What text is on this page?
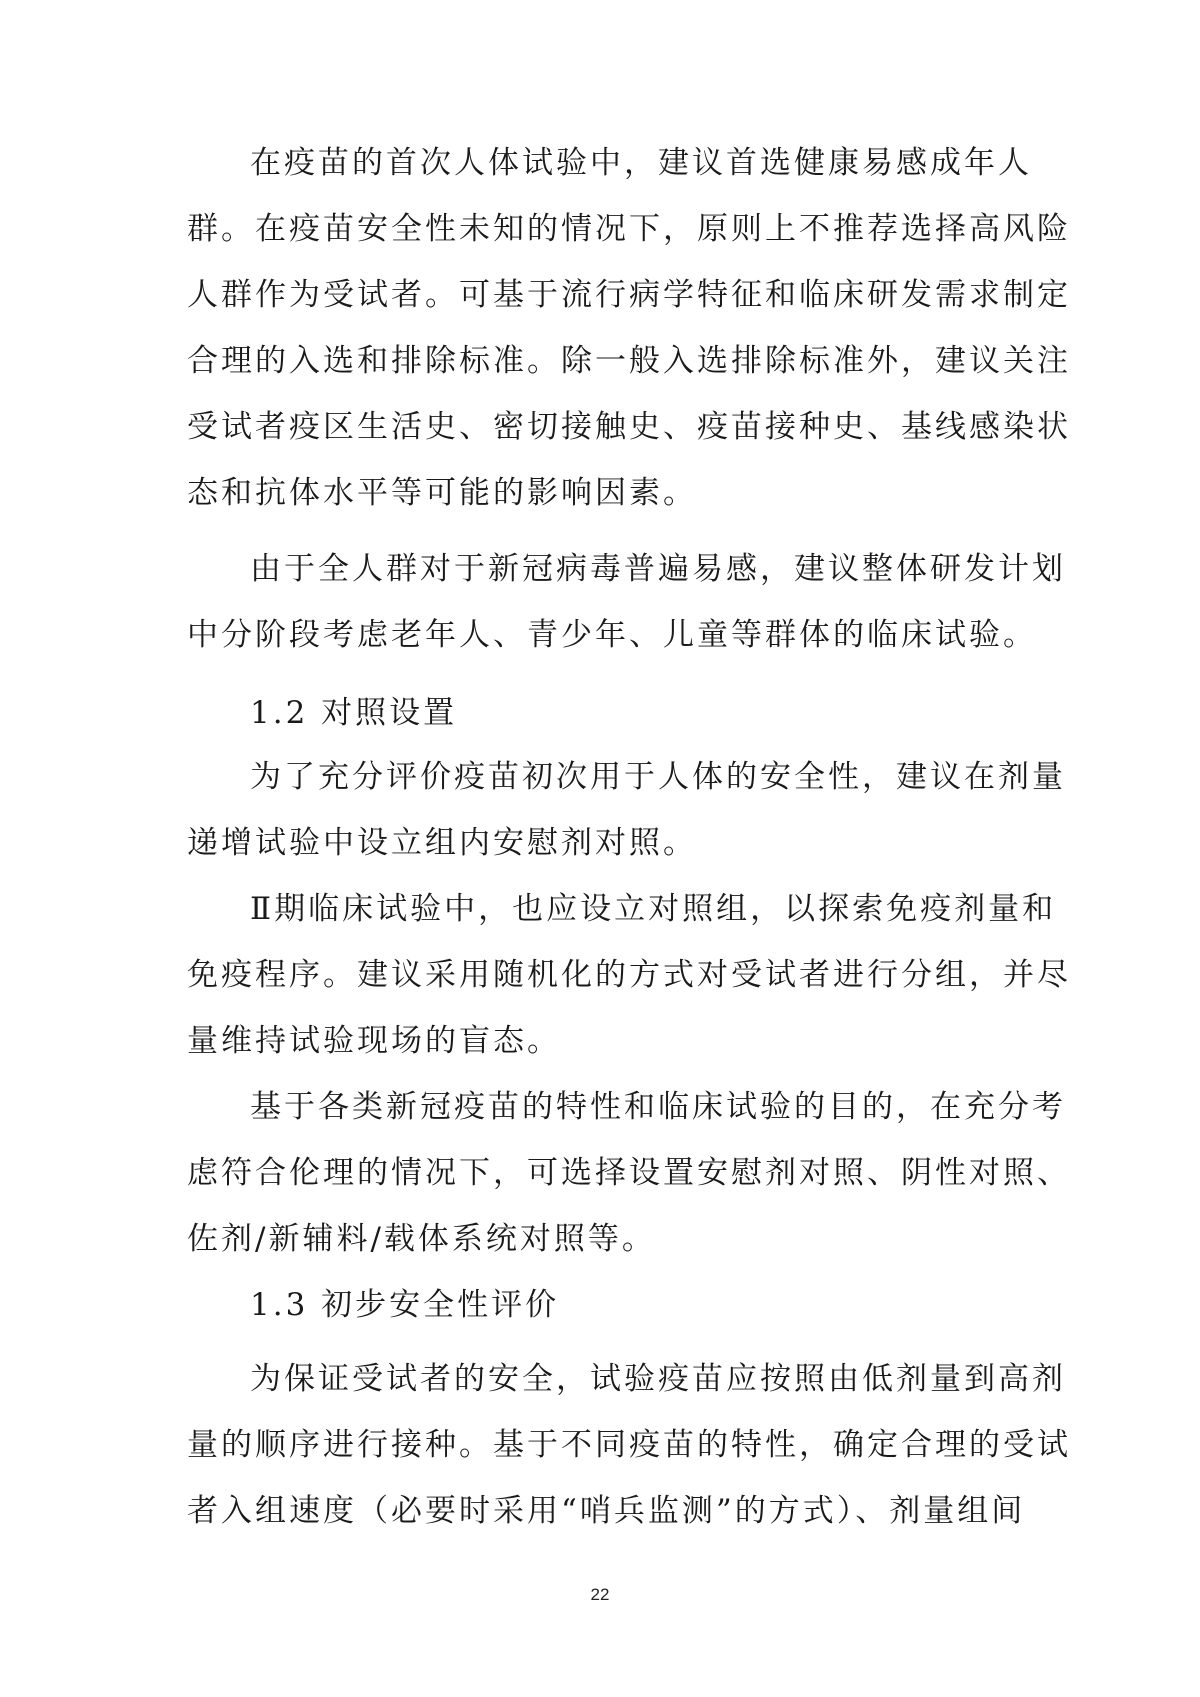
在疫苗的首次人体试验中，建议首选健康易感成年人
群。在疫苗安全性未知的情况下，原则上不推荐选择高风险
人群作为受试者。可基于流行病学特征和临床研发需求制定
合理的入选和排除标准。除一般入选排除标准外，建议关注
受试者疫区生活史、密切接触史、疫苗接种史、基线感染状
态和抗体水平等可能的影响因素。
由于全人群对于新冠病毒普遍易感，建议整体研发计划
中分阶段考虑老年人、青少年、儿童等群体的临床试验。
1.2 对照设置
为了充分评价疫苗初次用于人体的安全性，建议在剂量
递增试验中设立组内安慰剂对照。
Ⅱ期临床试验中，也应设立对照组，以探索免疫剂量和
免疫程序。建议采用随机化的方式对受试者进行分组，并尽
量维持试验现场的盲态。
基于各类新冠疫苗的特性和临床试验的目的，在充分考
虑符合伦理的情况下，可选择设置安慰剂对照、阴性对照、
佐剂/新辅料/载体系统对照等。
1.3 初步安全性评价
为保证受试者的安全，试验疫苗应按照由低剂量到高剂
量的顺序进行接种。基于不同疫苗的特性，确定合理的受试
者入组速度（必要时采用“哨兵监测”的方式）、剂量组间
22
